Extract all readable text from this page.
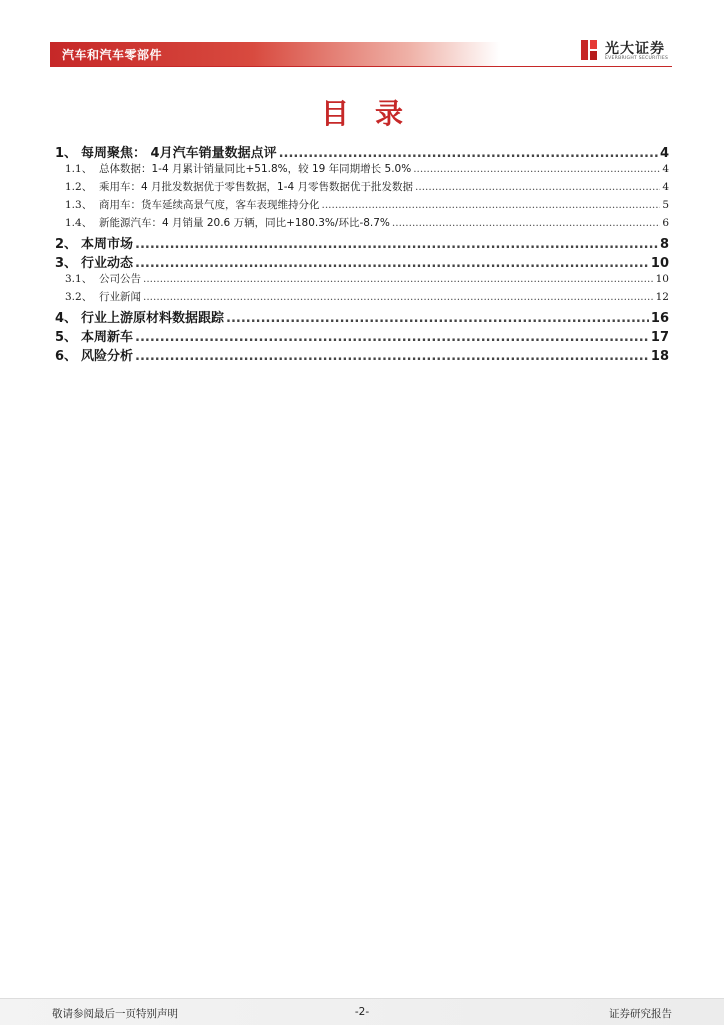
汽车和汽车零部件	光大证券
EVERBRIGHT SECURITIES
目录
1、 每周聚焦： 4月汽车销量数据点评 .....	4
1.1、 总体数据：1-4 月累计销量同比+51.8%，较 19 年同期增长 5.0% .....	4
1.2、 乘用车：4 月批发数据优于零售数据，1-4 月零售数据优于批发数据 .....	4
1.3、 商用车：货车延续高景气度，客车表现维持分化 .....	5
1.4、 新能源汽车：4 月销量 20.6 万辆，同比+180.3%/环比-8.7% .....	6
2、 本周市场 .....	8
3、 行业动态 .....	10
3.1、 公司公告 .....	10
3.2、 行业新闻 .....	12
4、 行业上游原材料数据跟踪 .....	16
5、 本周新车 .....	17
6、 风险分析 .....	18
敬请参阅最后一页特别声明	-2-	证券研究报告
